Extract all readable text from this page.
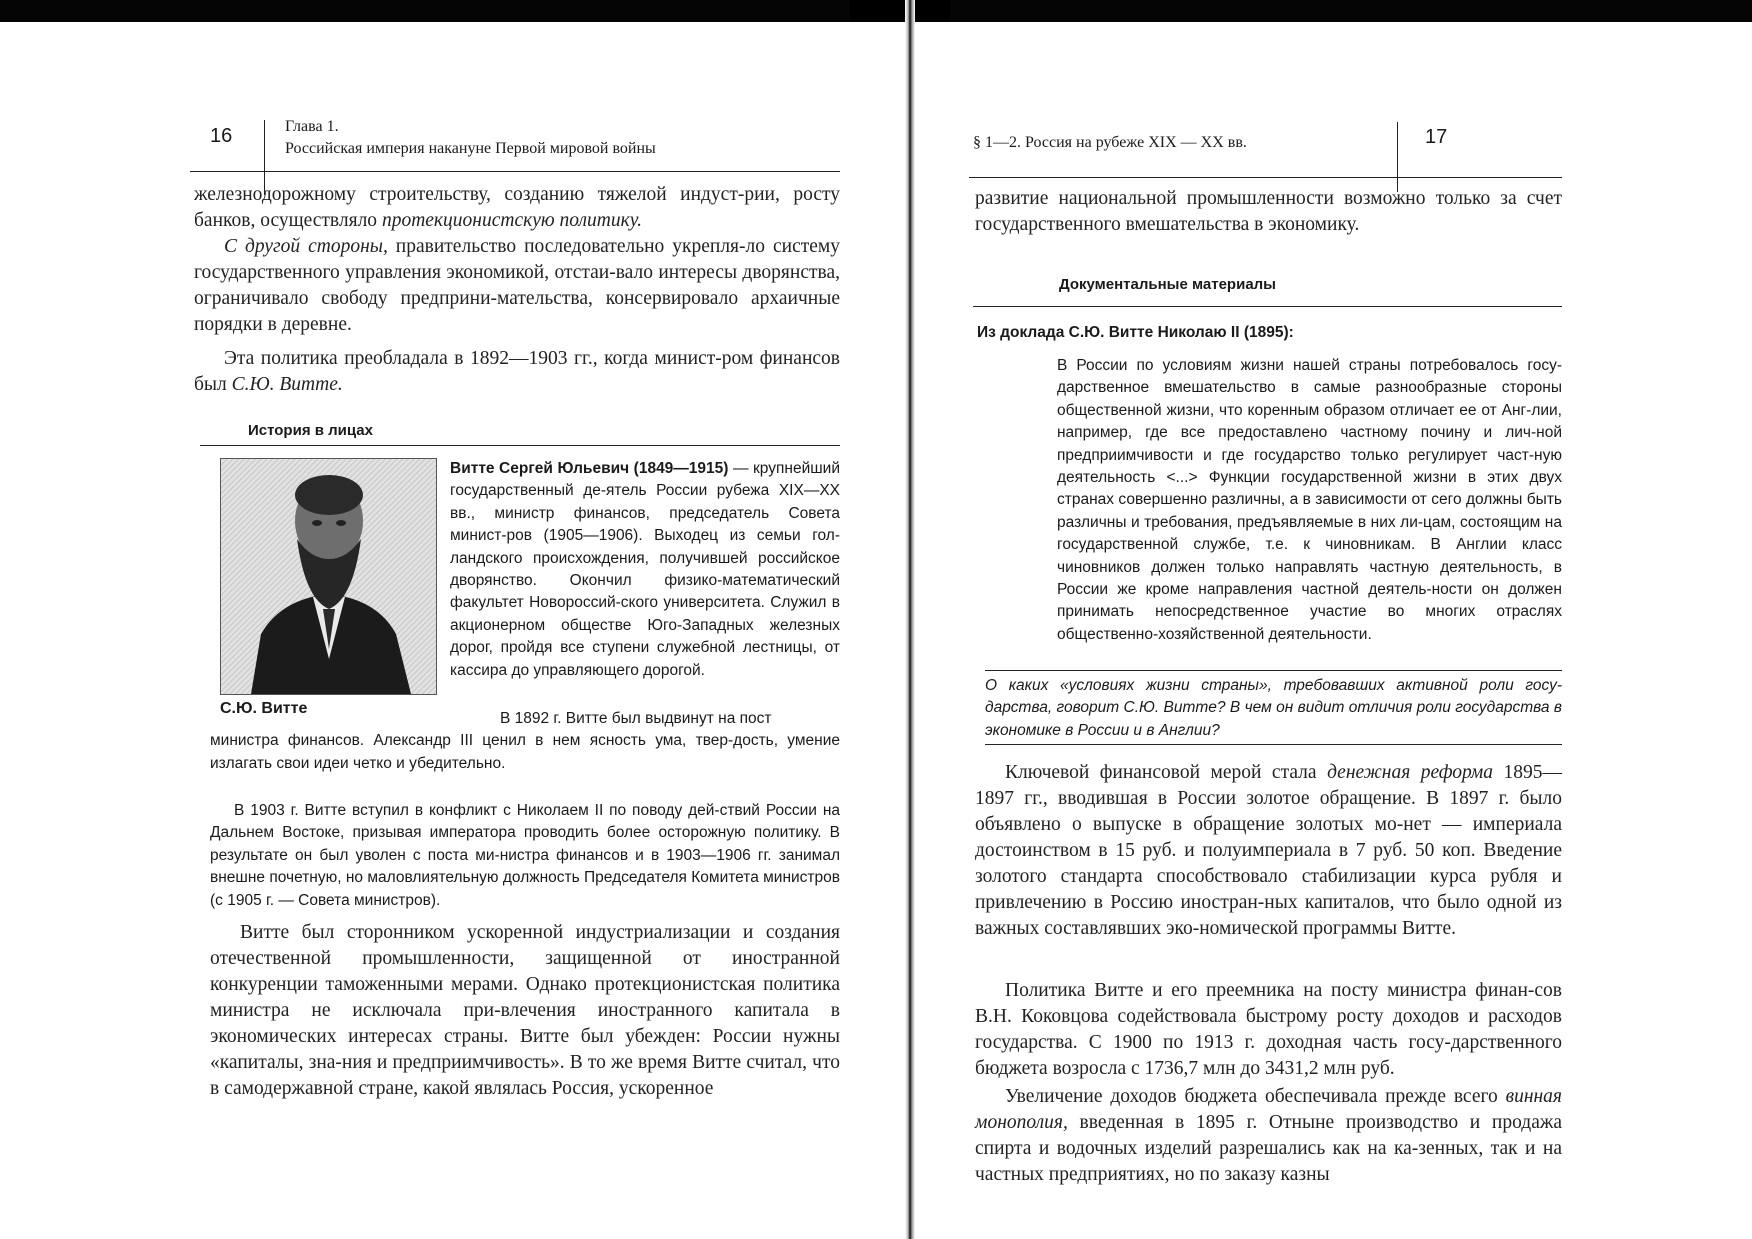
16	Глава 1.
Российская империя накануне Первой мировой войны
железнодорожному строительству, созданию тяжелой индуст-рии, росту банков, осуществляло протекционистскую политику.
С другой стороны, правительство последовательно укрепля-ло систему государственного управления экономикой, отстаи-вало интересы дворянства, ограничивало свободу предприни-мательства, консервировало архаичные порядки в деревне.
Эта политика преобладала в 1892—1903 гг., когда минист-ром финансов был С.Ю. Витте.
История в лицах
С.Ю. Витте
Витте Сергей Юльевич (1849—1915) — крупнейший государственный де-ятель России рубежа XIX—XX вв., министр финансов, председатель Совета минист-ров (1905—1906). Выходец из семьи гол-ландского происхождения, получившей российское дворянство. Окончил физико-математический факультет Новороссий-ского университета. Служил в акционерном обществе Юго-Западных железных дорог, пройдя все ступени служебной лестницы, от кассира до управляющего дорогой.
В 1892 г. Витте был выдвинут на пост
министра финансов. Александр III ценил в нем ясность ума, твер-дость, умение излагать свои идеи четко и убедительно.
В 1903 г. Витте вступил в конфликт с Николаем II по поводу дей-ствий России на Дальнем Востоке, призывая императора проводить более осторожную политику. В результате он был уволен с поста ми-нистра финансов и в 1903—1906 гг. занимал внешне почетную, но маловлиятельную должность Председателя Комитета министров (с 1905 г. — Совета министров).
Витте был сторонником ускоренной индустриализации и создания отечественной промышленности, защищенной от иностранной конкуренции таможенными мерами. Однако протекционистская политика министра не исключала при-влечения иностранного капитала в экономических интересах страны. Витте был убежден: России нужны «капиталы, зна-ния и предприимчивость». В то же время Витте считал, что в самодержавной стране, какой являлась Россия, ускоренное
§ 1—2. Россия на рубеже XIX — XX вв.	17
развитие национальной промышленности возможно только за счет государственного вмешательства в экономику.
Документальные материалы
Из доклада С.Ю. Витте Николаю II (1895):
В России по условиям жизни нашей страны потребовалось госу-дарственное вмешательство в самые разнообразные стороны общественной жизни, что коренным образом отличает ее от Анг-лии, например, где все предоставлено частному почину и лич-ной предприимчивости и где государство только регулирует част-ную деятельность <...> Функции государственной жизни в этих двух странах совершенно различны, а в зависимости от сего должны быть различны и требования, предъявляемые в них ли-цам, состоящим на государственной службе, т.е. к чиновникам. В Англии класс чиновников должен только направлять частную деятельность, в России же кроме направления частной деятель-ности он должен принимать непосредственное участие во многих отраслях общественно-хозяйственной деятельности.
О каких «условиях жизни страны», требовавших активной роли госу-дарства, говорит С.Ю. Витте? В чем он видит отличия роли государства в экономике в России и в Англии?
Ключевой финансовой мерой стала денежная реформа 1895—1897 гг., вводившая в России золотое обращение. В 1897 г. было объявлено о выпуске в обращение золотых мо-нет — империала достоинством в 15 руб. и полуимпериала в 7 руб. 50 коп. Введение золотого стандарта способствовало стабилизации курса рубля и привлечению в Россию иностран-ных капиталов, что было одной из важных составлявших эко-номической программы Витте.
Политика Витте и его преемника на посту министра финан-сов В.Н. Коковцова содействовала быстрому росту доходов и расходов государства. С 1900 по 1913 г. доходная часть госу-дарственного бюджета возросла с 1736,7 млн до 3431,2 млн руб.
Увеличение доходов бюджета обеспечивала прежде всего винная монополия, введенная в 1895 г. Отныне производство и продажа спирта и водочных изделий разрешались как на ка-зенных, так и на частных предприятиях, но по заказу казны
